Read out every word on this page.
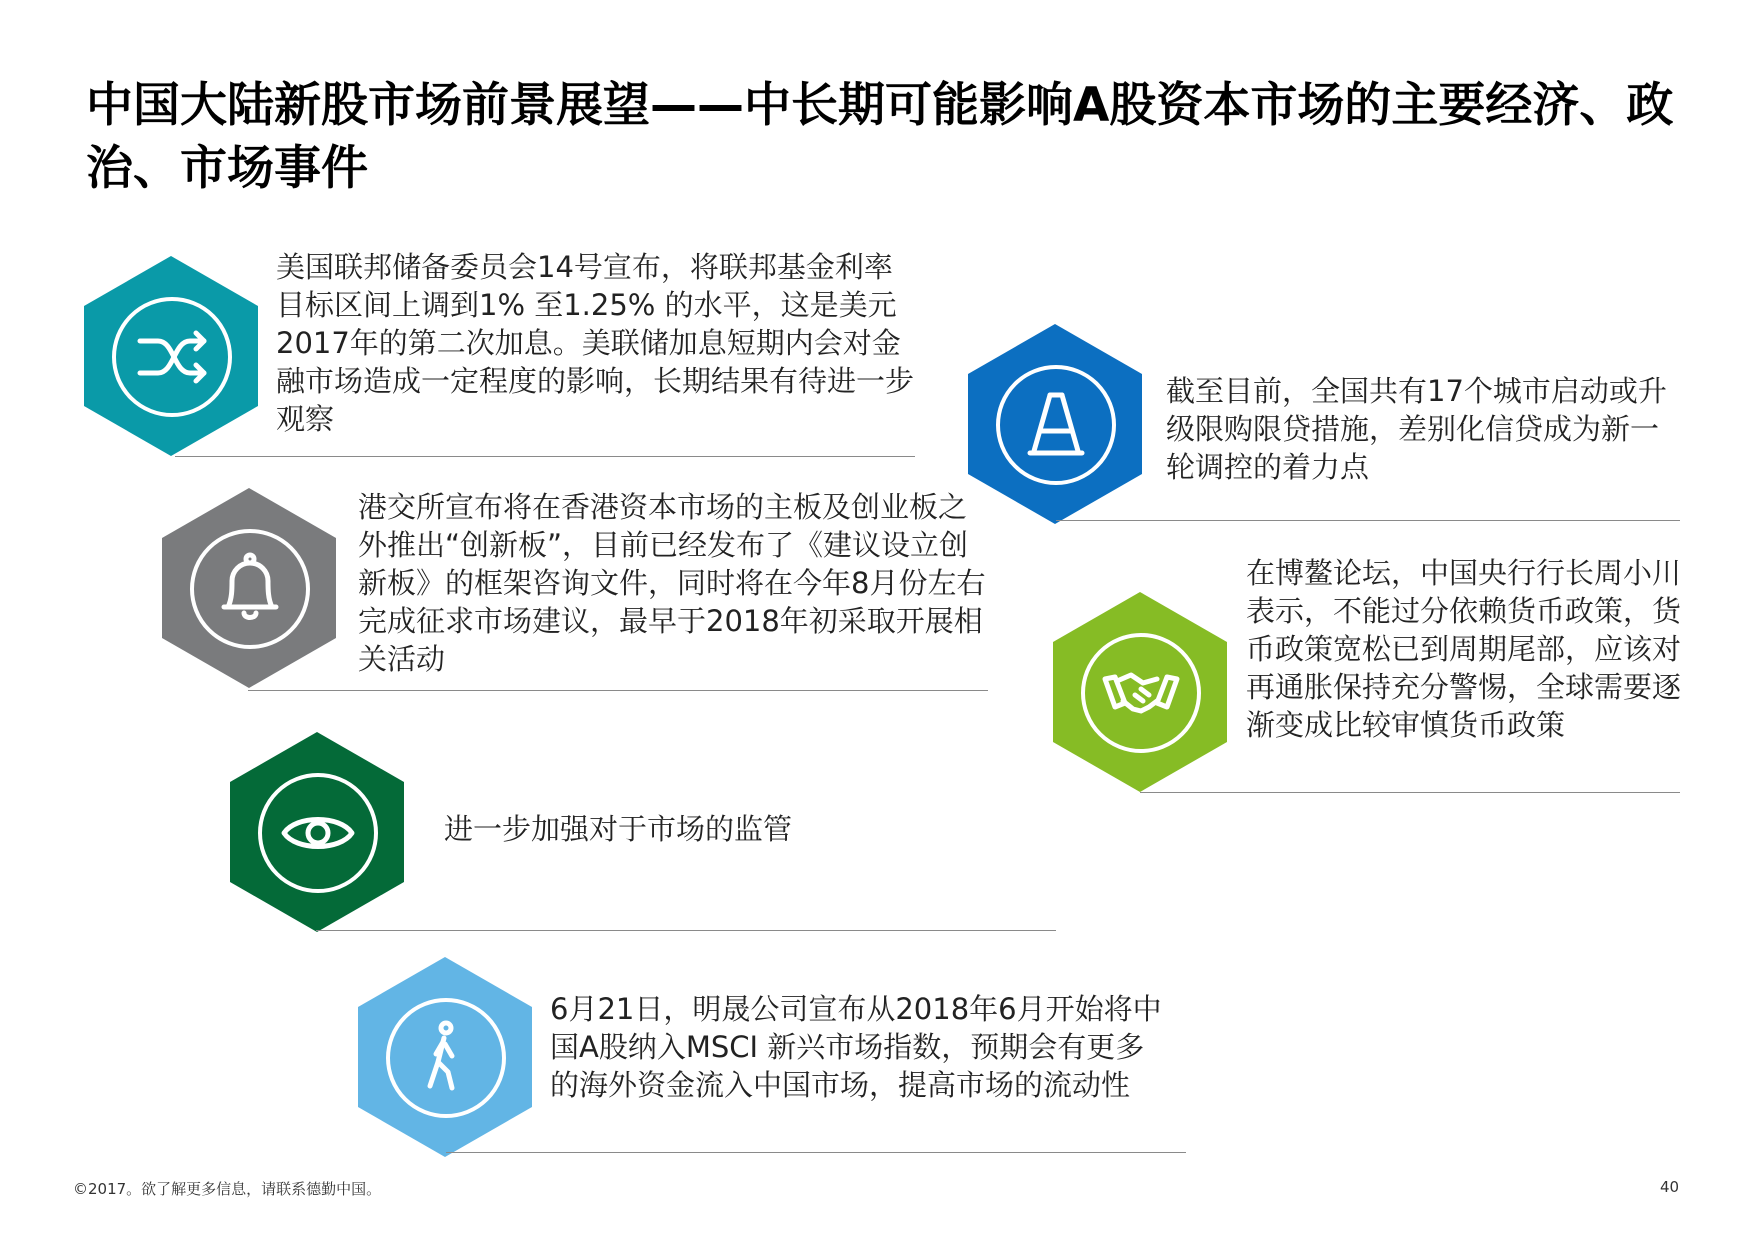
中国大陆新股市场前景展望——中长期可能影响A股资本市场的主要经济、政治、市场事件

美国联邦储备委员会14号宣布，将联邦基金利率目标区间上调到1% 至1.25% 的水平，这是美元2017年的第二次加息。美联储加息短期内会对金融市场造成一定程度的影响，长期结果有待进一步观察

港交所宣布将在香港资本市场的主板及创业板之外推出“创新板”，目前已经发布了《建议设立创新板》的框架咨询文件，同时将在今年8月份左右完成征求市场建议，最早于2018年初采取开展相关活动

进一步加强对于市场的监管

6月21日，明晟公司宣布从2018年6月开始将中国A股纳入MSCI 新兴市场指数，预期会有更多的海外资金流入中国市场，提高市场的流动性

截至目前，全国共有17个城市启动或升级限购限贷措施，差别化信贷成为新一轮调控的着力点

在博鳌论坛，中国央行行长周小川表示，不能过分依赖货币政策，货币政策宽松已到周期尾部，应该对再通胀保持充分警惕，全球需要逐渐变成比较审慎货币政策

©2017。欲了解更多信息，请联系德勤中国。	40
